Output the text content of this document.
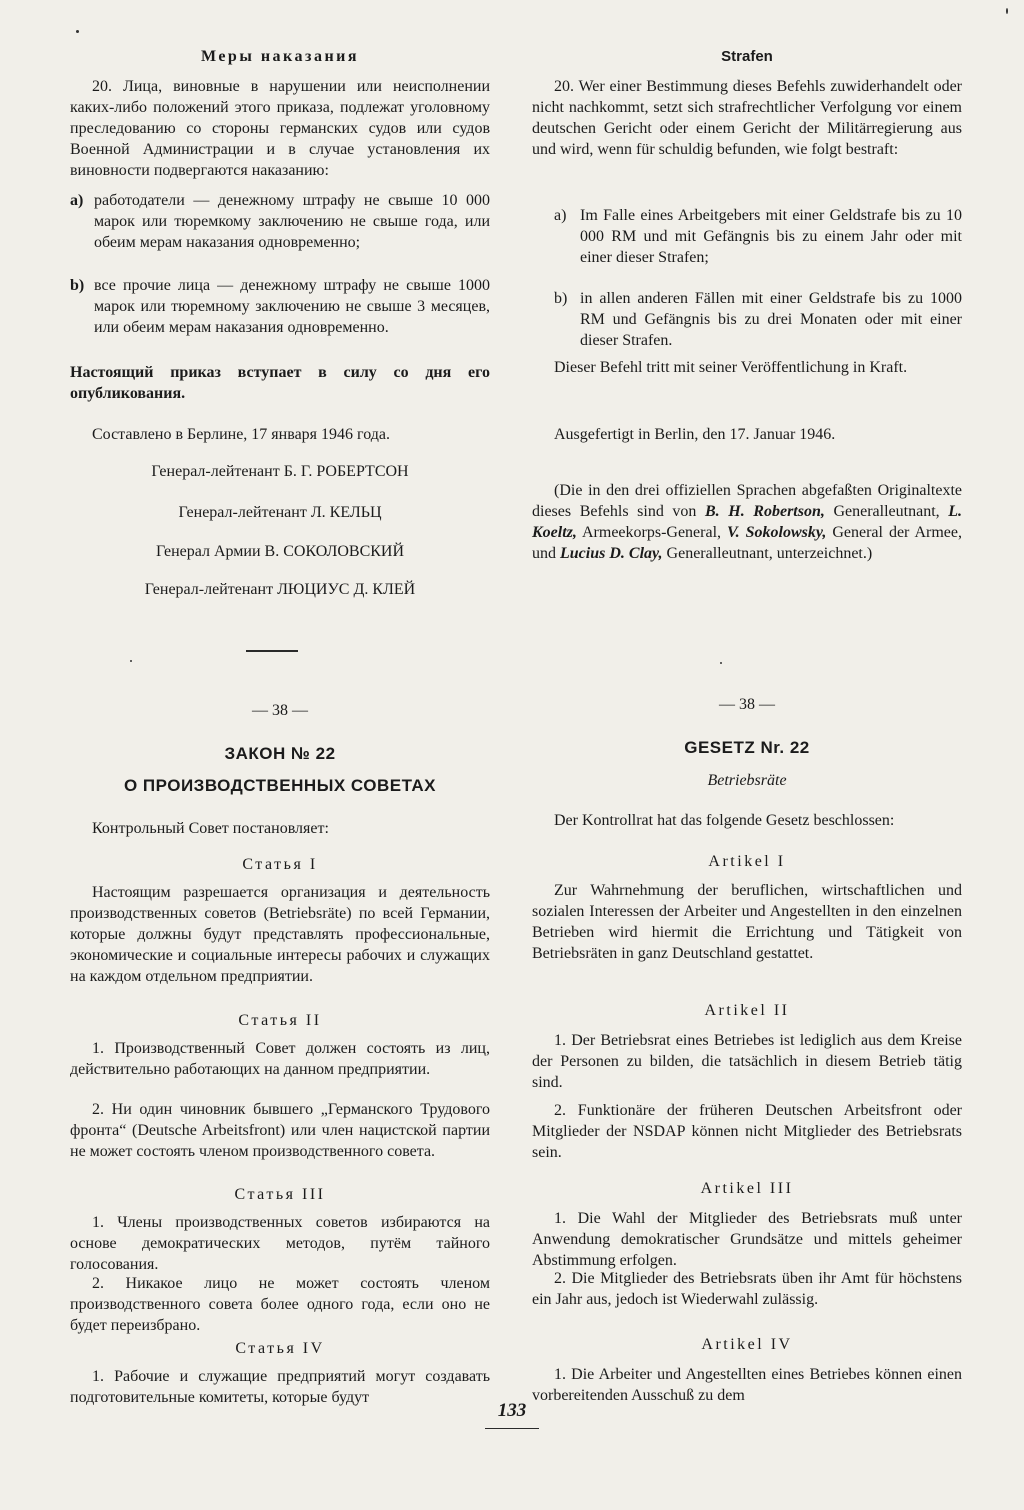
Меры наказания

20. Лица, виновные в нарушении или неисполнении каких-либо положений этого приказа, подлежат уголовному преследованию со стороны германских судов или судов Военной Администрации и в случае установления их виновности подвергаются наказанию:

а) работодатели — денежному штрафу не свыше 10 000 марок или тюремкому заключению не свыше года, или обеим мерам наказания одновременно;
b) все прочие лица — денежному штрафу не свыше 1000 марок или тюремному заключению не свыше 3 месяцев, или обеим мерам наказания одновременно.

Настоящий приказ вступает в силу со дня его опубликования.

Составлено в Берлине, 17 января 1946 года.

Генерал-лейтенант Б. Г. РОБЕРТСОН
Генерал-лейтенант Л. КЕЛЬЦ
Генерал Армии В. СОКОЛОВСКИЙ
Генерал-лейтенант ЛЮЦИУС Д. КЛЕЙ
— 38 —
ЗАКОН № 22
О ПРОИЗВОДСТВЕННЫХ СОВЕТАХ

Контрольный Совет постановляет:

Статья I

Настоящим разрешается организация и деятельность производственных советов (Betriebsräte) по всей Германии, которые должны будут представлять профессиональные, экономические и социальные интересы рабочих и служащих на каждом отдельном предприятии.

Статья II

1. Производственный Совет должен состоять из лиц, действительно работающих на данном предприятии.

2. Ни один чиновник бывшего „Германского Трудового фронта“ (Deutsche Arbeitsfront) или член нацистской партии не может состоять членом производственного совета.

Статья III

1. Члены производственных советов избираются на основе демократических методов, путём тайного голосования.

2. Никакое лицо не может состоять членом производственного совета более одного года, если оно не будет переизбрано.

Статья IV

1. Рабочие и служащие предприятий могут создавать подготовительные комитеты, которые будут

Strafen

20. Wer einer Bestimmung dieses Befehls zuwiderhandelt oder nicht nachkommt, setzt sich strafrechtlicher Verfolgung vor einem deutschen Gericht oder einem Gericht der Militärregierung aus und wird, wenn für schuldig befunden, wie folgt bestraft:

a) Im Falle eines Arbeitgebers mit einer Geldstrafe bis zu 10 000 RM und mit Gefängnis bis zu einem Jahr oder mit einer dieser Strafen;
b) in allen anderen Fällen mit einer Geldstrafe bis zu 1000 RM und Gefängnis bis zu drei Monaten oder mit einer dieser Strafen.

Dieser Befehl tritt mit seiner Veröffentlichung in Kraft.

Ausgefertigt in Berlin, den 17. Januar 1946.

(Die in den drei offiziellen Sprachen abgefaßten Originaltexte dieses Befehls sind von B. H. Robertson, Generalleutnant, L. Koeltz, Armeekorps-General, V. Sokolowsky, General der Armee, und Lucius D. Clay, Generalleutnant, unterzeichnet.)

— 38 —
GESETZ Nr. 22
Betriebsräte

Der Kontrollrat hat das folgende Gesetz beschlossen:

Artikel I

Zur Wahrnehmung der beruflichen, wirtschaftlichen und sozialen Interessen der Arbeiter und Angestellten in den einzelnen Betrieben wird hiermit die Errichtung und Tätigkeit von Betriebsräten in ganz Deutschland gestattet.

Artikel II

1. Der Betriebsrat eines Betriebes ist lediglich aus dem Kreise der Personen zu bilden, die tatsächlich in diesem Betrieb tätig sind.

2. Funktionäre der früheren Deutschen Arbeitsfront oder Mitglieder der NSDAP können nicht Mitglieder des Betriebsrats sein.

Artikel III

1. Die Wahl der Mitglieder des Betriebsrats muß unter Anwendung demokratischer Grundsätze und mittels geheimer Abstimmung erfolgen.

2. Die Mitglieder des Betriebsrats üben ihr Amt für höchstens ein Jahr aus, jedoch ist Wiederwahl zulässig.

Artikel IV

1. Die Arbeiter und Angestellten eines Betriebes können einen vorbereitenden Ausschuß zu dem

133
